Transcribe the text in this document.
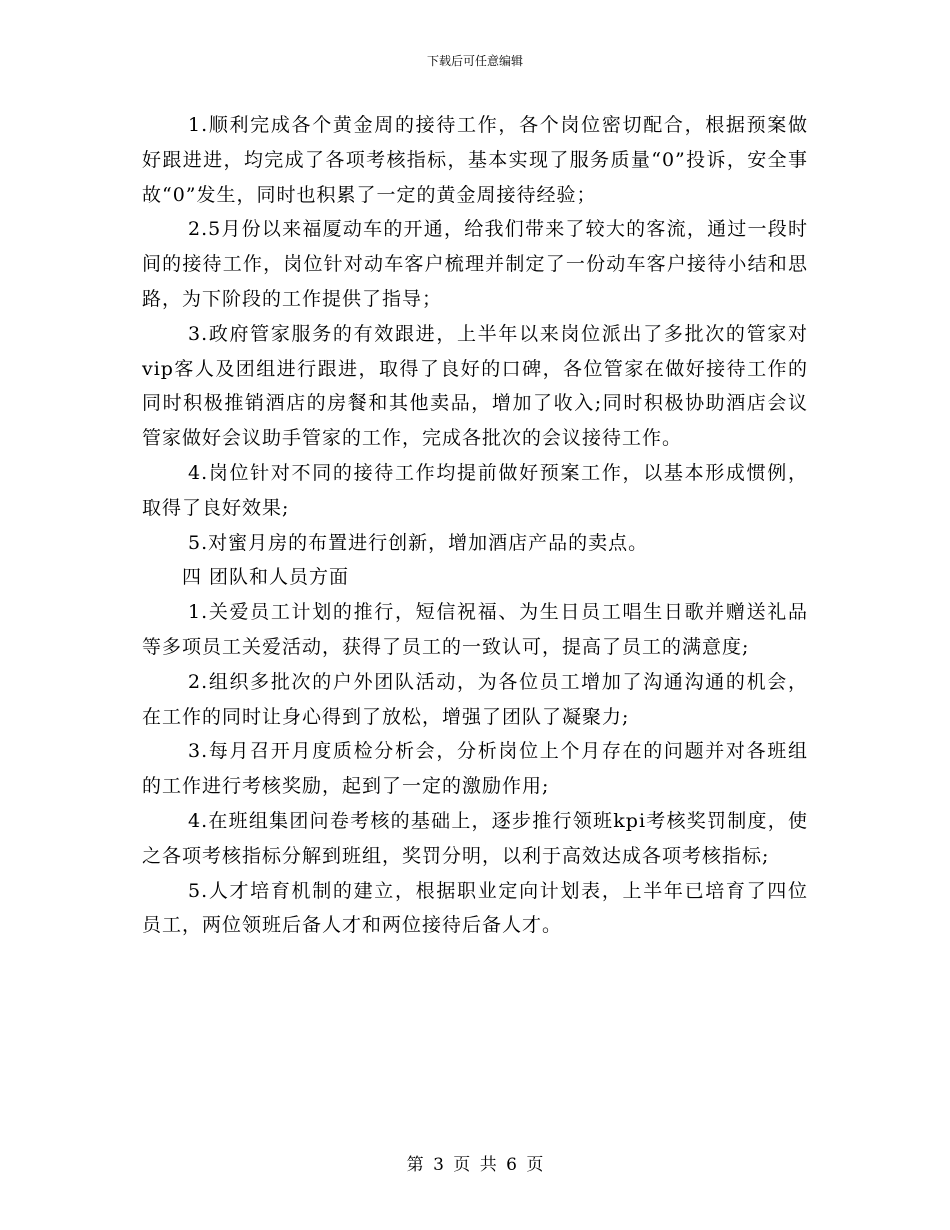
下载后可任意编辑

1.顺利完成各个黄金周的接待工作，各个岗位密切配合，根据预案做好跟进进，均完成了各项考核指标，基本实现了服务质量“0”投诉，安全事故“0”发生，同时也积累了一定的黄金周接待经验；

2.5月份以来福厦动车的开通，给我们带来了较大的客流，通过一段时间的接待工作，岗位针对动车客户梳理并制定了一份动车客户接待小结和思路，为下阶段的工作提供了指导；

3.政府管家服务的有效跟进，上半年以来岗位派出了多批次的管家对vip客人及团组进行跟进，取得了良好的口碑，各位管家在做好接待工作的同时积极推销酒店的房餐和其他卖品，增加了收入;同时积极协助酒店会议管家做好会议助手管家的工作，完成各批次的会议接待工作。

4.岗位针对不同的接待工作均提前做好预案工作，以基本形成惯例，取得了良好效果;

5.对蜜月房的布置进行创新，增加酒店产品的卖点。

四 团队和人员方面

1.关爱员工计划的推行，短信祝福、为生日员工唱生日歌并赠送礼品等多项员工关爱活动，获得了员工的一致认可，提高了员工的满意度;

2.组织多批次的户外团队活动，为各位员工增加了沟通沟通的机会，在工作的同时让身心得到了放松，增强了团队了凝聚力;

3.每月召开月度质检分析会，分析岗位上个月存在的问题并对各班组的工作进行考核奖励，起到了一定的激励作用;

4.在班组集团问卷考核的基础上，逐步推行领班kpi考核奖罚制度，使之各项考核指标分解到班组，奖罚分明，以利于高效达成各项考核指标;

5.人才培育机制的建立，根据职业定向计划表，上半年已培育了四位员工，两位领班后备人才和两位接待后备人才。

第 3 页 共 6 页
